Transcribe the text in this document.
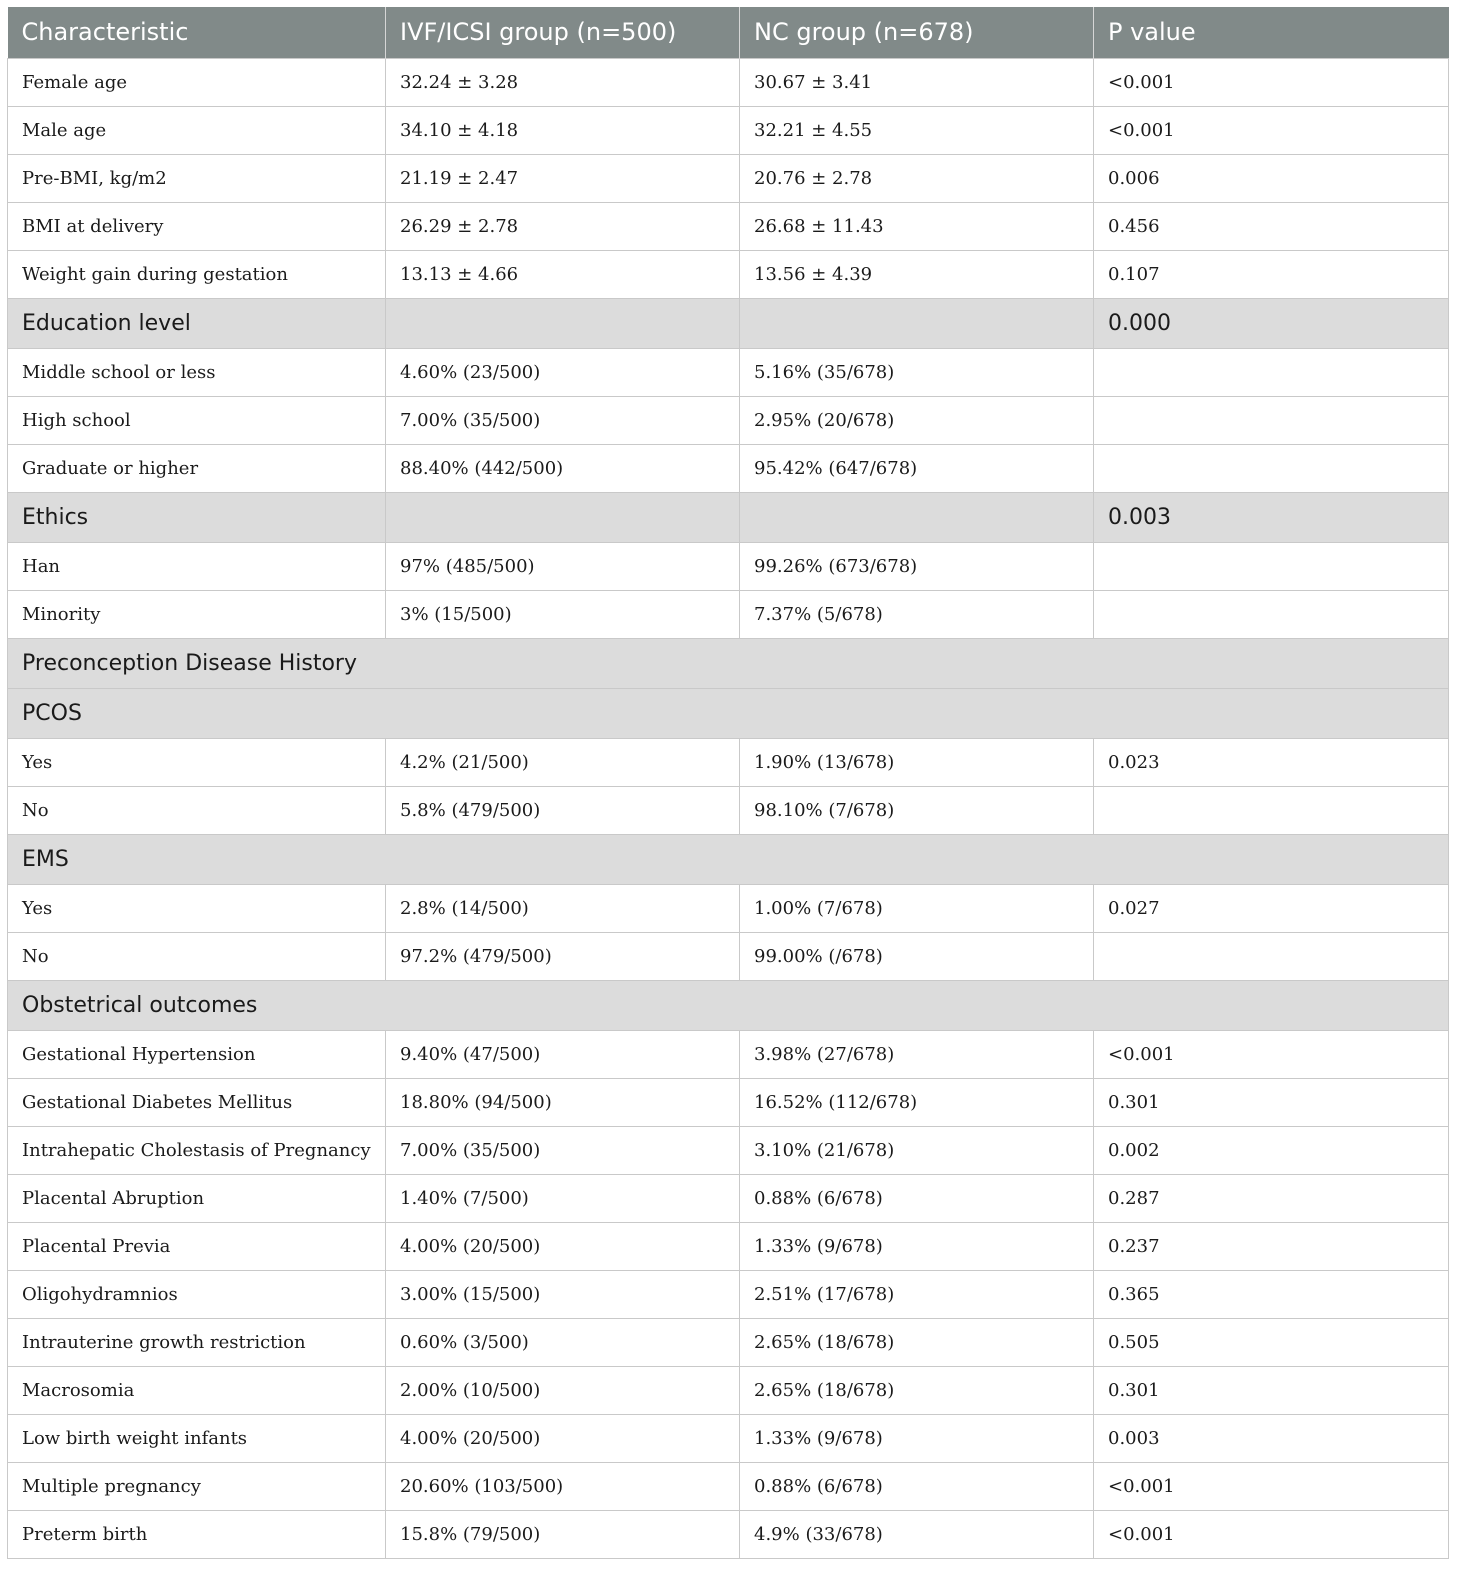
Characteristic	IVF/ICSI group (n=500)	NC group (n=678)	P value
Female age	32.24 ± 3.28	30.67 ± 3.41	<0.001
Male age	34.10 ± 4.18	32.21 ± 4.55	<0.001
Pre-BMI, kg/m2	21.19 ± 2.47	20.76 ± 2.78	0.006
BMI at delivery	26.29 ± 2.78	26.68 ± 11.43	0.456
Weight gain during gestation	13.13 ± 4.66	13.56 ± 4.39	0.107
Education level			0.000
Middle school or less	4.60% (23/500)	5.16% (35/678)	
High school	7.00% (35/500)	2.95% (20/678)	
Graduate or higher	88.40% (442/500)	95.42% (647/678)	
Ethics			0.003
Han	97% (485/500)	99.26% (673/678)	
Minority	3% (15/500)	7.37% (5/678)	
Preconception Disease History			
PCOS			
Yes	4.2% (21/500)	1.90% (13/678)	0.023
No	5.8% (479/500)	98.10% (7/678)	
EMS			
Yes	2.8% (14/500)	1.00% (7/678)	0.027
No	97.2% (479/500)	99.00% (/678)	
Obstetrical outcomes			
Gestational Hypertension	9.40% (47/500)	3.98% (27/678)	<0.001
Gestational Diabetes Mellitus	18.80% (94/500)	16.52% (112/678)	0.301
Intrahepatic Cholestasis of Pregnancy	7.00% (35/500)	3.10% (21/678)	0.002
Placental Abruption	1.40% (7/500)	0.88% (6/678)	0.287
Placental Previa	4.00% (20/500)	1.33% (9/678)	0.237
Oligohydramnios	3.00% (15/500)	2.51% (17/678)	0.365
Intrauterine growth restriction	0.60% (3/500)	2.65% (18/678)	0.505
Macrosomia	2.00% (10/500)	2.65% (18/678)	0.301
Low birth weight infants	4.00% (20/500)	1.33% (9/678)	0.003
Multiple pregnancy	20.60% (103/500)	0.88% (6/678)	<0.001
Preterm birth	15.8% (79/500)	4.9% (33/678)	<0.001
